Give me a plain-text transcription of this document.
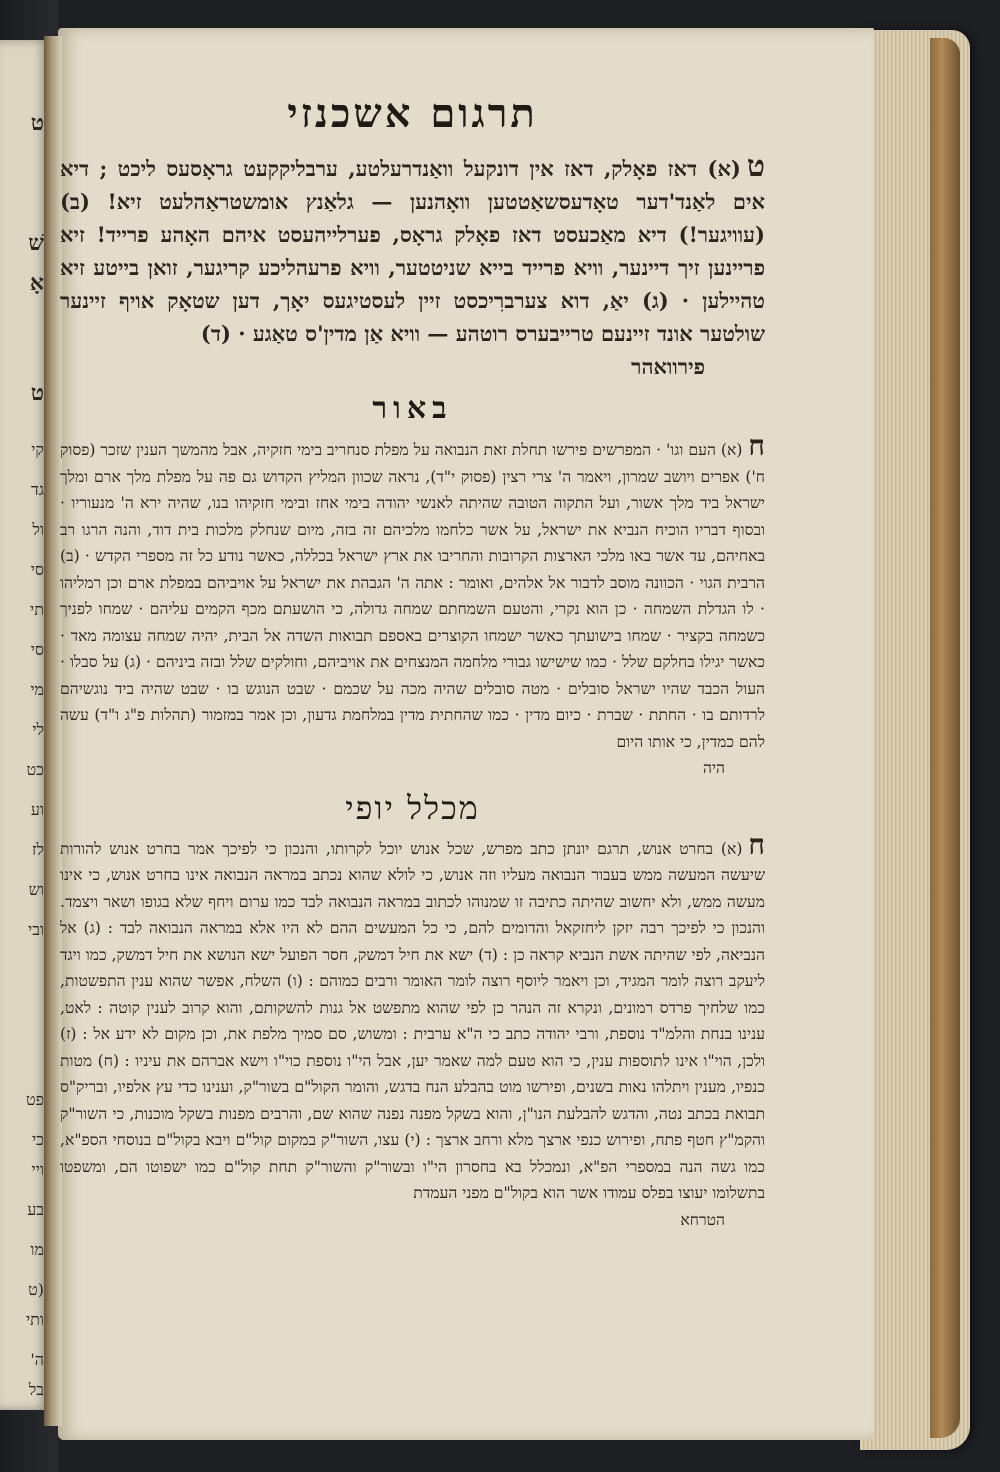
ט
שׁ
אָ
ט
קי
גד
ול
סי
תי
סי
מי
לי
כט
וע
לז
וש
ובי
פט
כי
ויי
בע
מו
(ט
ותי
ה'
בל
תרגום אשכנזי

ט(א) דאז פאָלק, דאז אין דונקעל וואַנדרעלטע, ערבליקקעט גראָסעס ליכט ; דיא אים לאַנד'דער טאָדעסשאַטטען וואָהנען — גלאַנץ אומשטראַהלעט זיא! (ב) (עוויגער!) דיא מאַכעסט דאז פאָלק גראָס, פערלייהעסט איהם האָהע פרייד! זיא פריינען זיך דיינער, וויא פרייד בייא שניטטער, וויא פרעהליכע קריגער, זואן בייטע זיא טהיילען · (ג) יאַ, דוא צערברִיכסט זיין לעסטיגעס יאָך, דען שטאָק אויף זיינער שולטער אונד זיינעם טרייבערס רוטהע — וויא אַן מדין'ס טאַגע · (ד)
פירוואהר

באור

ח(א) העם וגו' · המפרשים פירשו תחלת זאת הנבואה על מפלת סנחריב בימי חזקיה, אבל מהמשך הענין שזכר (פסוק ח') אפרים ויושב שמרון, ויאמר ה' צרי רצין (פסוק י"ד), נראה שכוון המליץ הקדוש גם פה על מפלת מלך ארם ומלך ישראל ביד מלך אשור, ועל התקוה הטובה שהיתה לאנשי יהודה בימי אחז ובימי חזקיהו בנו, שהיה ירא ה' מנעוריו · ובסוף דבריו הוכיח הנביא את ישראל, על אשר כלחמו מלכיהם זה בזה, מיום שנחלק מלכות בית דוד, והנה הרגו רב באחיהם, עד אשר באו מלכי הארצות הקרובות והחריבו את ארץ ישראל בכללה, כאשר נודע כל זה מספרי הקדש · (ב) הרבית הגוי · הכוונה מוסב לדבור אל אלהים, ואומר : אתה ה' הגבהת את ישראל על אויביהם במפלת ארם וכן רמליהו · לו הגדלת השמחה · כן הוא נקרי, והטעם השמחתם שמחה גדולה, כי הושעתם מכף הקמים עליהם · שמחו לפניך כשמחה בקציר · שמחו בישועתך כאשר ישמחו הקוצרים באספם תבואות השדה אל הבית, יהיה שמחה עצומה מאד · כאשר יגילו בחלקם שלל · כמו שישישו גבורי מלחמה המנצחים את אויביהם, וחולקים שלל ובזה ביניהם · (ג) על סבלו · העול הכבד שהיו ישראל סובלים · מטה סובלים שהיה מכה על שכמם · שבט הנוגש בו · שבט שהיה ביד נוגשיהם לרדותם בו · החתת · שברת · כיום מדין · כמו שהחתית מדין במלחמת גדעון, וכן אמר במזמור (תהלות פ"ג ו"ד) עשה להם כמדין, כי אותו היום
היה

מכלל יופי

ח(א) בחרט אנוש, תרגם יונתן כתב מפרש, שכל אנוש יוכל לקרותו, והנכון כי לפיכך אמר בחרט אנוש להורות שיעשה המעשה ממש בעבור הנבואה מעליו וזה אנוש, כי לולא שהוא נכתב במראה הנבואה אינו בחרט אנוש, כי אינו מעשה ממש, ולא יחשוב שהיתה כתיבה זו שמנוהו לכתוב במראה הנבואה לבד כמו ערום ויחף שלא בגופו ושאר ויצמד. והנכון כי לפיכך רבה יזקן ליחזקאל והדומים להם, כי כל המעשים ההם לא היו אלא במראה הנבואה לבד : (ג) אל הנביאה, לפי שהיתה אשת הנביא קראה כן : (ד) ישא את חיל דמשק, חסר הפועל ישא הנושא את חיל דמשק, כמו ויגד ליעקב רוצה לומר המגיד, וכן ויאמר ליוסף רוצה לומר האומר ורבים כמוהם : (ו) השלח, אפשר שהוא ענין התפשטות, כמו שלחיך פרדס רמונים, ונקרא זה הנהר כן לפי שהוא מתפשט אל גנות להשקותם, והוא קרוב לענין קוטה : לאט, ענינו בנחת והלמ"ד נוספת, ורבי יהודה כתב כי ה"א ערבית : ומשוש, סם סמיך מלפת את, וכן מקום לא ידע אל : (ז) ולכן, הוי"ו אינו לתוספות ענין, כי הוא טעם למה שאמר יען, אבל הי"ו נוספת כוי"ו וישא אברהם את עיניו : (ח) מטות כנפיו, מענין ויתלהו נאות בשנים, ופירשו מוט בהבלע הנח בדגש, והומר הקול"ם בשור"ק, וענינו כדי עץ אלפיו, ובריק"ס תבואת בכתב נטה, והדגש להבלעת הנו"ן, והוא בשקל מפנה נפנה שהוא שם, והרבים מפנות בשקל מוכנות, כי השור"ק והקמ"ץ חטף פתח, ופירוש כנפי ארצך מלא ורחב ארצך : (י) עצו, השור"ק במקום קול"ם ויבא בקול"ם בנוסחי הספ"א, כמו גשה הנה במספרי הפ"א, ונמכלל בא בחסרון הי"ו ובשור"ק והשור"ק תחת קול"ם כמו ישפוטו הם, ומשפטו בתשלומו יעוצו בפלס עמודו אשר הוא בקול"ם מפני העמדת
הטרחא
